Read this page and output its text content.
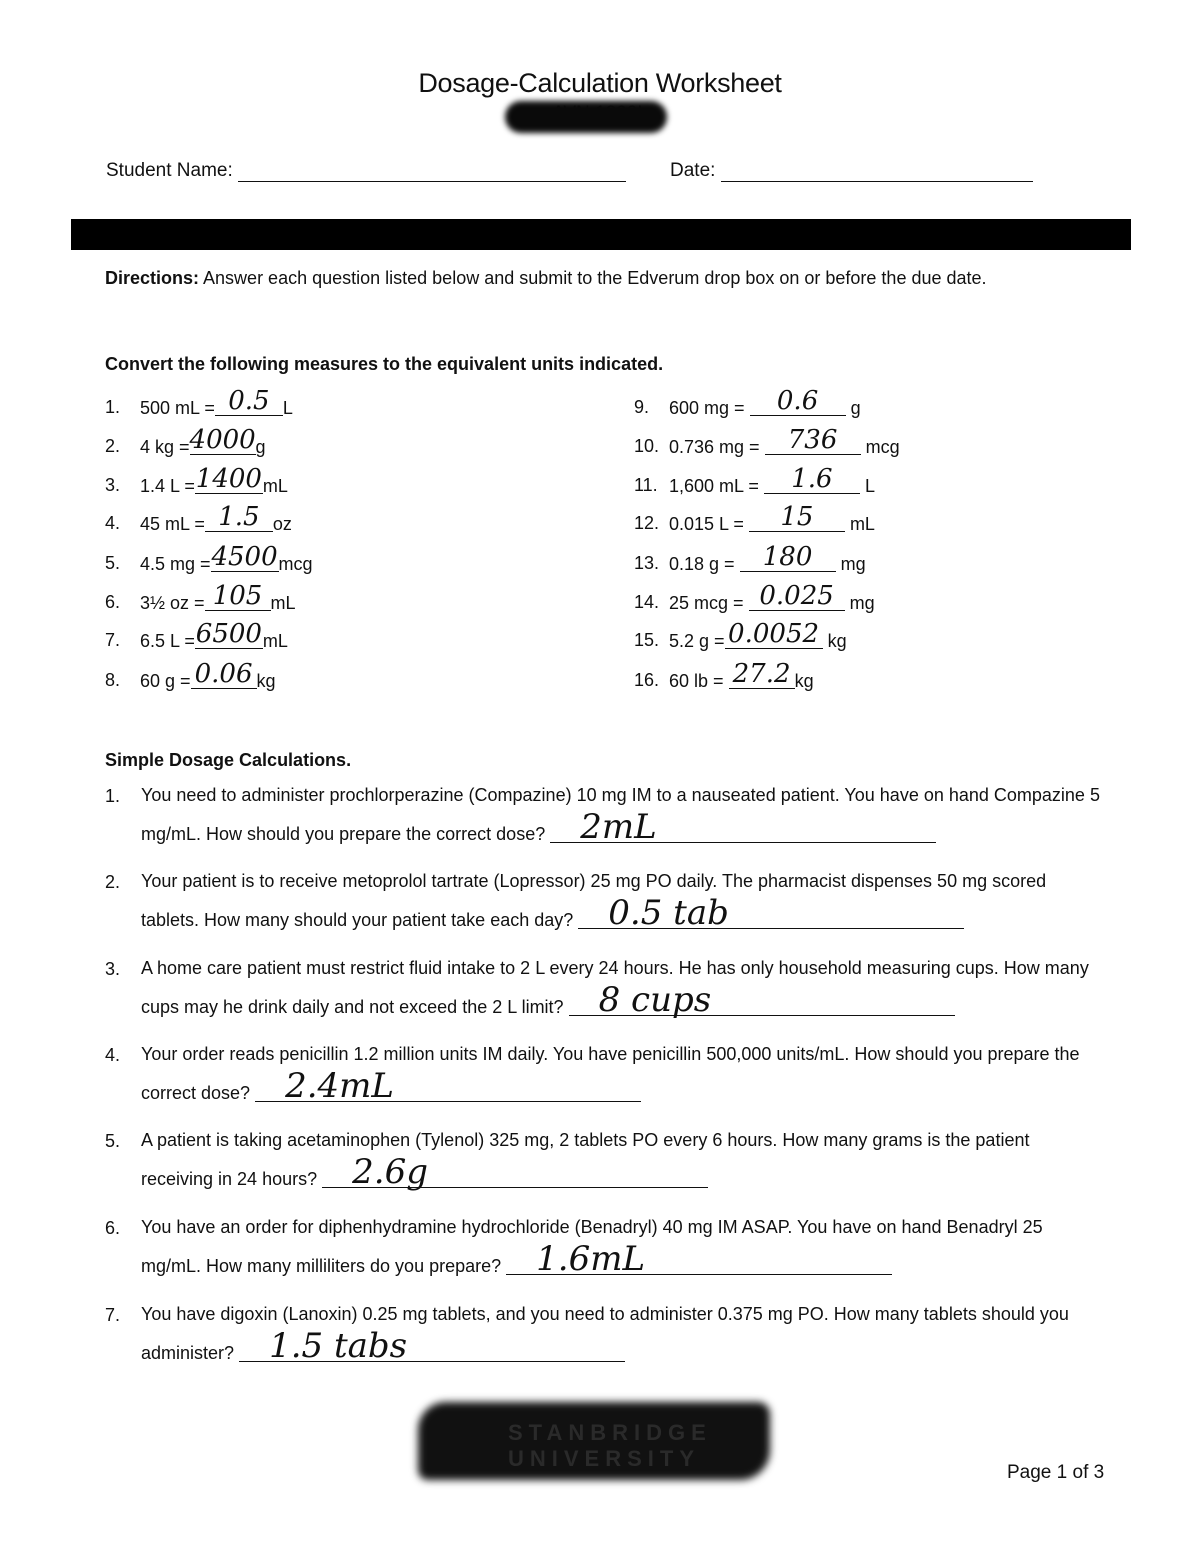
Dosage-Calculation Worksheet
Student Name:	Date:
Directions: Answer each question listed below and submit to the Edverum drop box on or before the due date.
Convert the following measures to the equivalent units indicated.
1. 500 mL = 0.5 L
2. 4 kg = 4000 g
3. 1.4 L = 1400 mL
4. 45 mL = 1.5 oz
5. 4.5 mg = 4500 mcg
6. 3½ oz = 105 mL
7. 6.5 L = 6500 mL
8. 60 g = 0.06 kg
9. 600 mg =	0.6	g
10. 0.736 mg =	736	mcg
11. 1,600 mL =	1.6	L
12. 0.015 L =	15	mL
13. 0.18 g =	180	mg
14. 25 mcg = 0.025 mg
15. 5.2 g = 0.0052 kg
16. 60 lb = 27.2 kg
Simple Dosage Calculations.
1. You need to administer prochlorperazine (Compazine) 10 mg IM to a nauseated patient. You have on hand Compazine 5 mg/mL. How should you prepare the correct dose? 2mL
2. Your patient is to receive metoprolol tartrate (Lopressor) 25 mg PO daily. The pharmacist dispenses 50 mg scored tablets. How many should your patient take each day? 0.5 tab
3. A home care patient must restrict fluid intake to 2 L every 24 hours. He has only household measuring cups. How many cups may he drink daily and not exceed the 2 L limit? 8 cups
4. Your order reads penicillin 1.2 million units IM daily. You have penicillin 500,000 units/mL. How should you prepare the correct dose? 2.4mL
5. A patient is taking acetaminophen (Tylenol) 325 mg, 2 tablets PO every 6 hours. How many grams is the patient receiving in 24 hours? 2.6g
6. You have an order for diphenhydramine hydrochloride (Benadryl) 40 mg IM ASAP. You have on hand Benadryl 25 mg/mL. How many milliliters do you prepare? 1.6mL
7. You have digoxin (Lanoxin) 0.25 mg tablets, and you need to administer 0.375 mg PO. How many tablets should you administer? 1.5 tabs
STANBRIDGE
UNIVERSITY
Page 1 of 3
